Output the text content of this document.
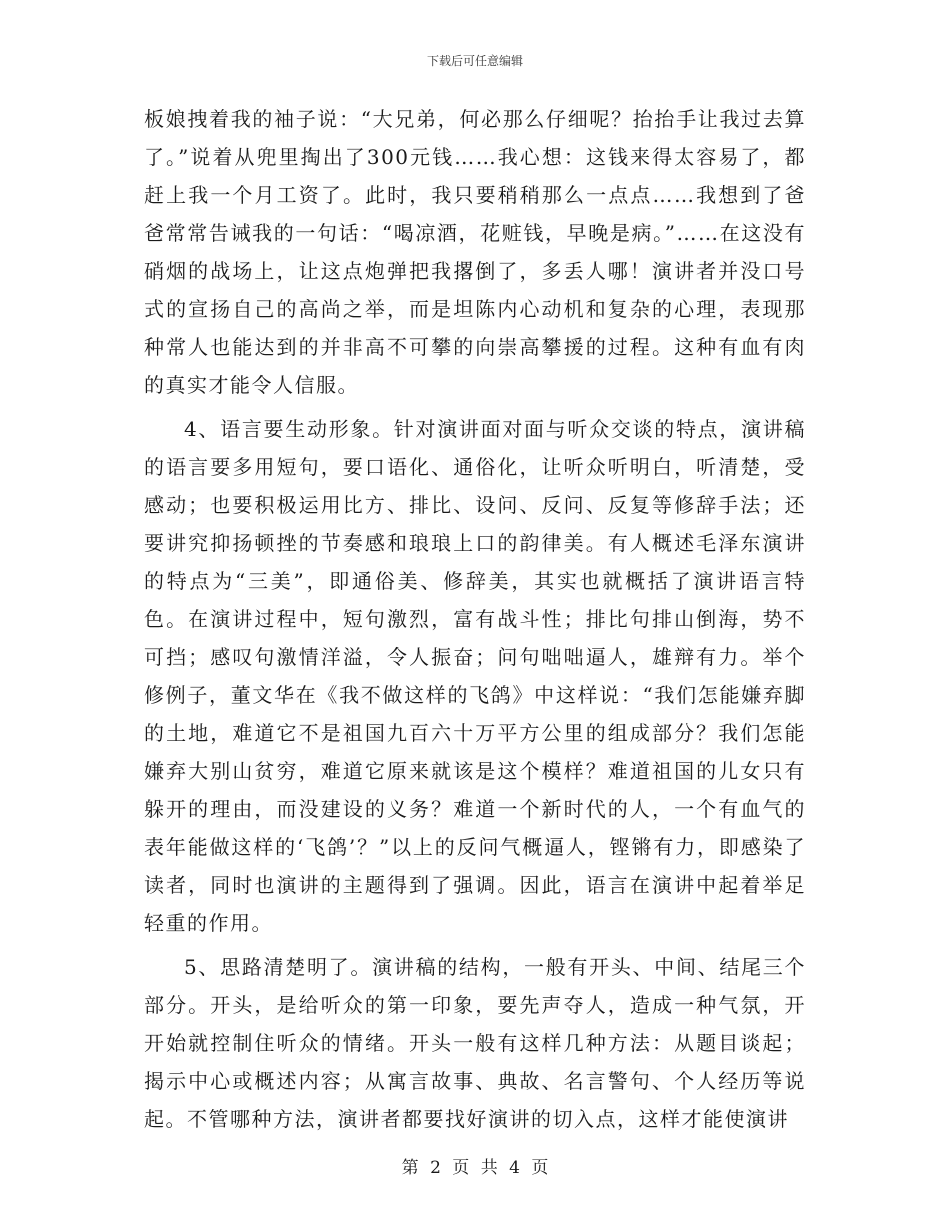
下载后可任意编辑

板娘拽着我的袖子说：“大兄弟，何必那么仔细呢？抬抬手让我过去算了。”说着从兜里掏出了300元钱……我心想：这钱来得太容易了，都赶上我一个月工资了。此时，我只要稍稍那么一点点……我想到了爸爸常常告诫我的一句话：“喝凉酒，花赃钱，早晚是病。”……在这没有硝烟的战场上，让这点炮弹把我撂倒了，多丢人哪！演讲者并没口号式的宣扬自己的高尚之举，而是坦陈内心动机和复杂的心理，表现那种常人也能达到的并非高不可攀的向崇高攀援的过程。这种有血有肉的真实才能令人信服。

4、语言要生动形象。针对演讲面对面与听众交谈的特点，演讲稿的语言要多用短句，要口语化、通俗化，让听众听明白，听清楚，受感动；也要积极运用比方、排比、设问、反问、反复等修辞手法；还要讲究抑扬顿挫的节奏感和琅琅上口的韵律美。有人概述毛泽东演讲的特点为“三美”，即通俗美、修辞美，其实也就概括了演讲语言特色。在演讲过程中，短句激烈，富有战斗性；排比句排山倒海，势不可挡；感叹句激情洋溢，令人振奋；问句咄咄逼人，雄辩有力。举个修例子，董文华在《我不做这样的飞鸽》中这样说：“我们怎能嫌弃脚的土地，难道它不是祖国九百六十万平方公里的组成部分？我们怎能嫌弃大别山贫穷，难道它原来就该是这个模样？难道祖国的儿女只有躲开的理由，而没建设的义务？难道一个新时代的人，一个有血气的表年能做这样的‘飞鸽’？”以上的反问气概逼人，铿锵有力，即感染了读者，同时也演讲的主题得到了强调。因此，语言在演讲中起着举足轻重的作用。

5、思路清楚明了。演讲稿的结构，一般有开头、中间、结尾三个部分。开头，是给听众的第一印象，要先声夺人，造成一种气氛，开开始就控制住听众的情绪。开头一般有这样几种方法：从题目谈起；揭示中心或概述内容；从寓言故事、典故、名言警句、个人经历等说起。不管哪种方法，演讲者都要找好演讲的切入点，这样才能使演讲

第 2 页 共 4 页
